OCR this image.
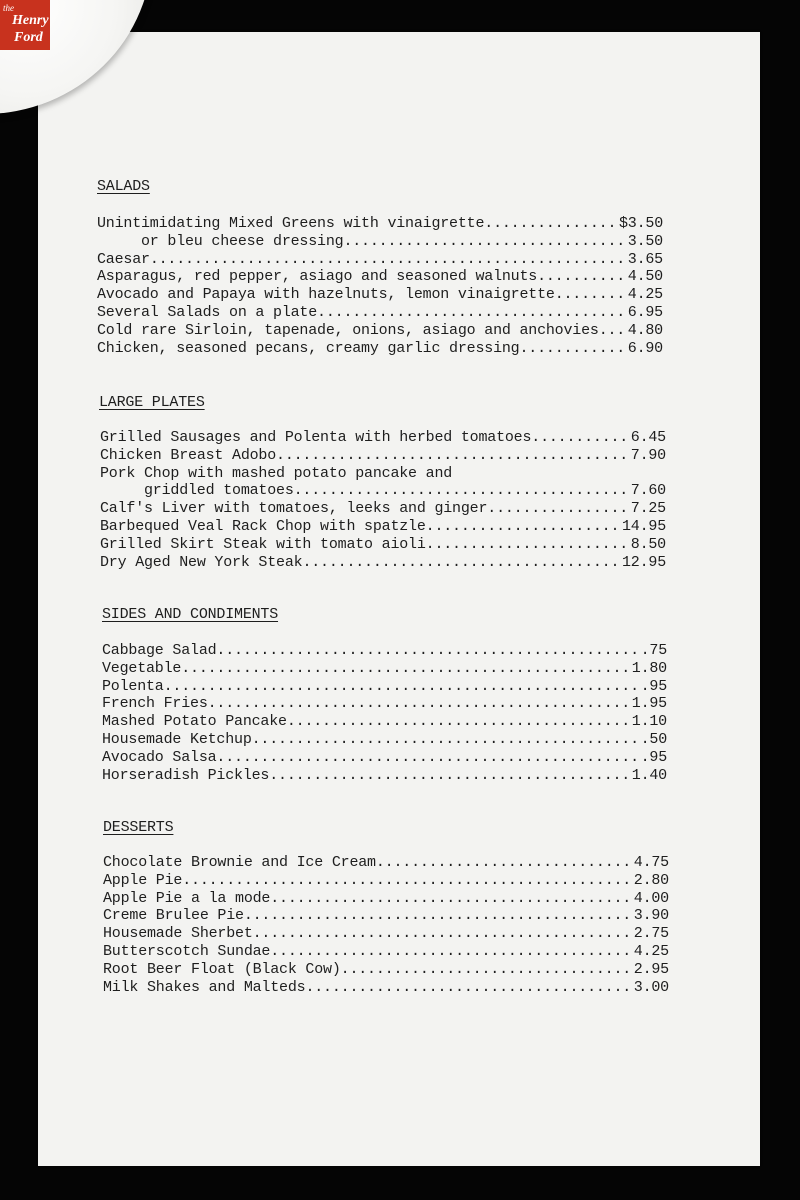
the
Henry
Ford
SALADS
Unintimidating Mixed Greens with vinaigrette .....	$3.50
or bleu cheese dressing .....	3.50
Caesar .....	3.65
Asparagus, red pepper, asiago and seasoned walnuts .....	4.50
Avocado and Papaya with hazelnuts, lemon vinaigrette .....	4.25
Several Salads on a plate .....	6.95
Cold rare Sirloin, tapenade, onions, asiago and anchovies ..... 4.80
Chicken, seasoned pecans, creamy garlic dressing .....	6.90
LARGE PLATES
Grilled Sausages and Polenta with herbed tomatoes .....	6.45
Chicken Breast Adobo .....	7.90
Pork Chop with mashed potato pancake and
griddled tomatoes .....	7.60
Calf's Liver with tomatoes, leeks and ginger .....	7.25
Barbequed Veal Rack Chop with spatzle .....	14.95
Grilled Skirt Steak with tomato aioli .....	8.50
Dry Aged New York Steak .....	12.95
SIDES AND CONDIMENTS
Cabbage Salad .....	.75
Vegetable .....	1.80
Polenta .....	.95
French Fries .....	1.95
Mashed Potato Pancake .....	1.10
Housemade Ketchup .....	.50
Avocado Salsa .....	.95
Horseradish Pickles .....	1.40
DESSERTS
Chocolate Brownie and Ice Cream .....	4.75
Apple Pie .....	2.80
Apple Pie a la mode .....	4.00
Creme Brulee Pie .....	3.90
Housemade Sherbet .....	2.75
Butterscotch Sundae .....	4.25
Root Beer Float (Black Cow) .....	2.95
Milk Shakes and Malteds .....	3.00
